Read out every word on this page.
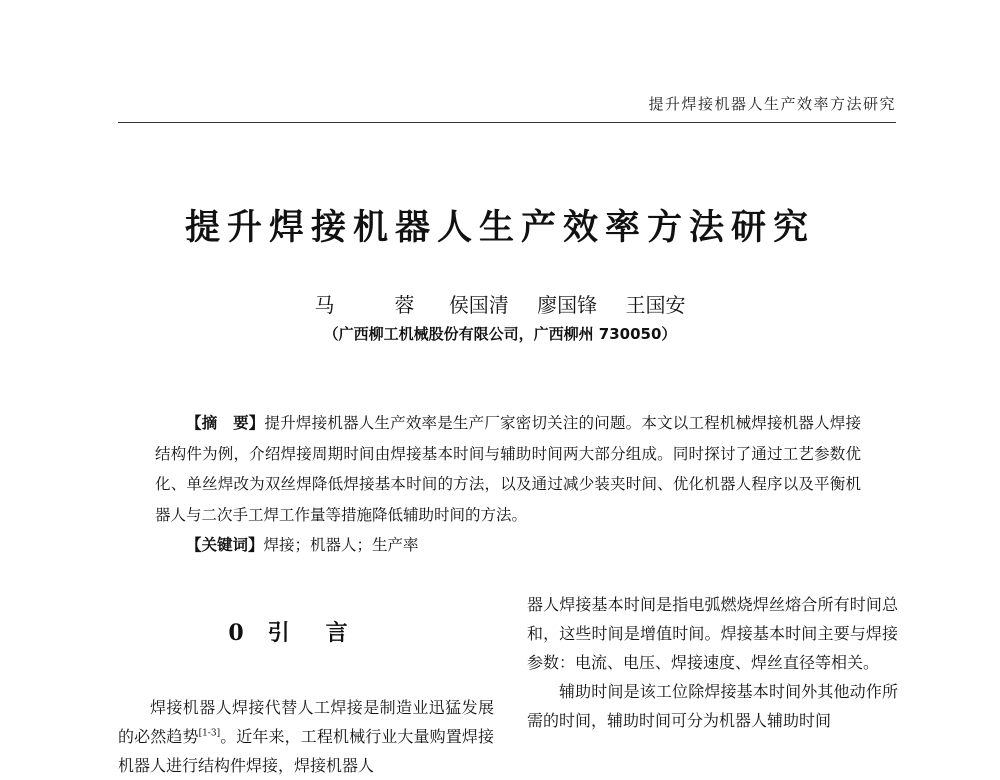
提升焊接机器人生产效率方法研究
提升焊接机器人生产效率方法研究
马　蓉 侯国清 廖国锋 王国安
（广西柳工机械股份有限公司，广西柳州 730050）

【摘　要】提升焊接机器人生产效率是生产厂家密切关注的问题。本文以工程机械焊接机器人焊接结构件为例，介绍焊接周期时间由焊接基本时间与辅助时间两大部分组成。同时探讨了通过工艺参数优化、单丝焊改为双丝焊降低焊接基本时间的方法，以及通过减少装夹时间、优化机器人程序以及平衡机器人与二次手工焊工作量等措施降低辅助时间的方法。

【关键词】焊接；机器人；生产率

0 引言

焊接机器人焊接代替人工焊接是制造业迅猛发展的必然趋势[1-3]。近年来，工程机械行业大量购置焊接机器人进行结构件焊接，焊接机器人

器人焊接基本时间是指电弧燃烧焊丝熔合所有时间总和，这些时间是增值时间。焊接基本时间主要与焊接参数：电流、电压、焊接速度、焊丝直径等相关。

辅助时间是该工位除焊接基本时间外其他动作所需的时间，辅助时间可分为机器人辅助时间
